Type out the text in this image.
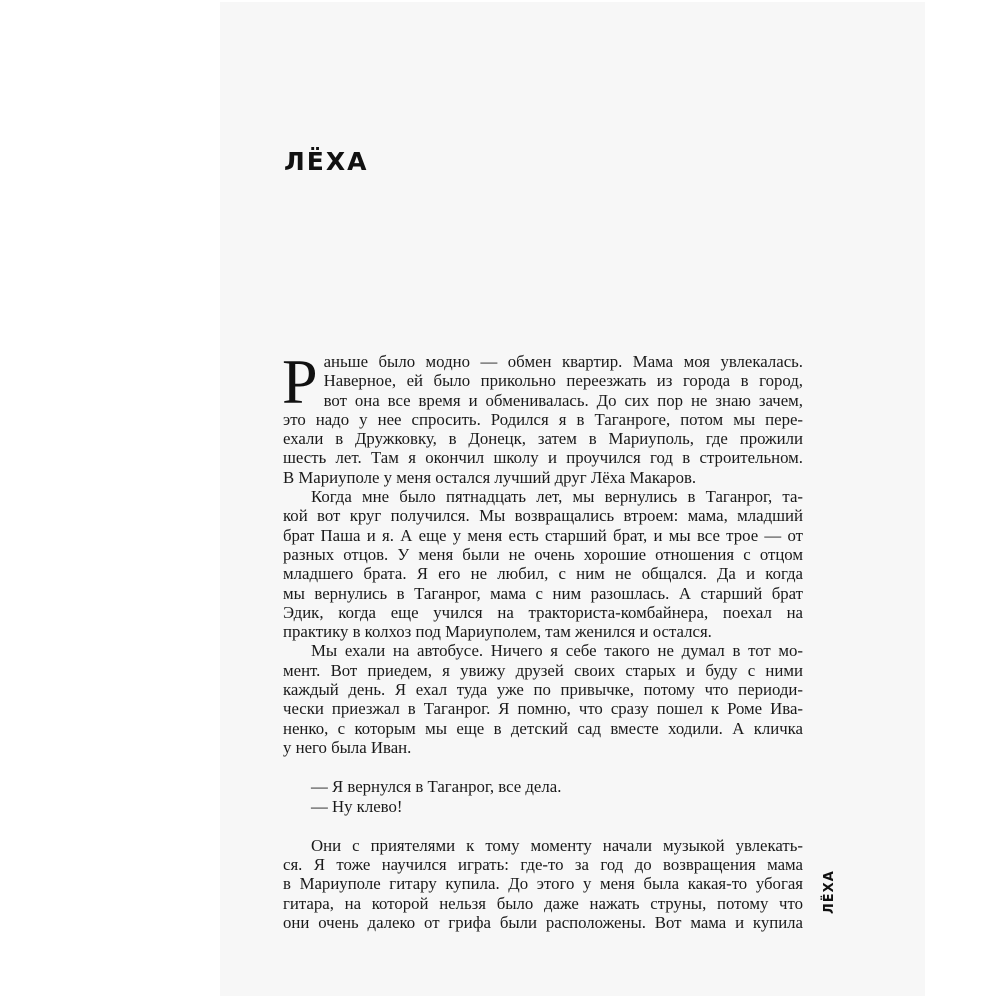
ЛЁХА

Р аньше было модно — обмен квартир. Мама моя увлекалась.
Наверное, ей было прикольно переезжать из города в город,
вот она все время и обменивалась. До сих пор не знаю зачем,
это надо у нее спросить. Родился я в Таганроге, потом мы пере-
ехали в Дружковку, в Донецк, затем в Мариуполь, где прожили
шесть лет. Там я окончил школу и проучился год в строительном.
В Мариуполе у меня остался лучший друг Лёха Макаров.

Когда мне было пятнадцать лет, мы вернулись в Таганрог, та-
кой вот круг получился. Мы возвращались втроем: мама, младший
брат Паша и я. А еще у меня есть старший брат, и мы все трое — от
разных отцов. У меня были не очень хорошие отношения с отцом
младшего брата. Я его не любил, с ним не общался. Да и когда
мы вернулись в Таганрог, мама с ним разошлась. А старший брат
Эдик, когда еще учился на тракториста-комбайнера, поехал на
практику в колхоз под Мариуполем, там женился и остался.

Мы ехали на автобусе. Ничего я себе такого не думал в тот мо-
мент. Вот приедем, я увижу друзей своих старых и буду с ними
каждый день. Я ехал туда уже по привычке, потому что периоди-
чески приезжал в Таганрог. Я помню, что сразу пошел к Роме Ива-
ненко, с которым мы еще в детский сад вместе ходили. А кличка
у него была Иван.

— Я вернулся в Таганрог, все дела.
— Ну клево!

Они с приятелями к тому моменту начали музыкой увлекать-
ся. Я тоже научился играть: где-то за год до возвращения мама
в Мариуполе гитару купила. До этого у меня была какая-то убогая
гитара, на которой нельзя было даже нажать струны, потому что
они очень далеко от грифа были расположены. Вот мама и купила

ЛЁХА
